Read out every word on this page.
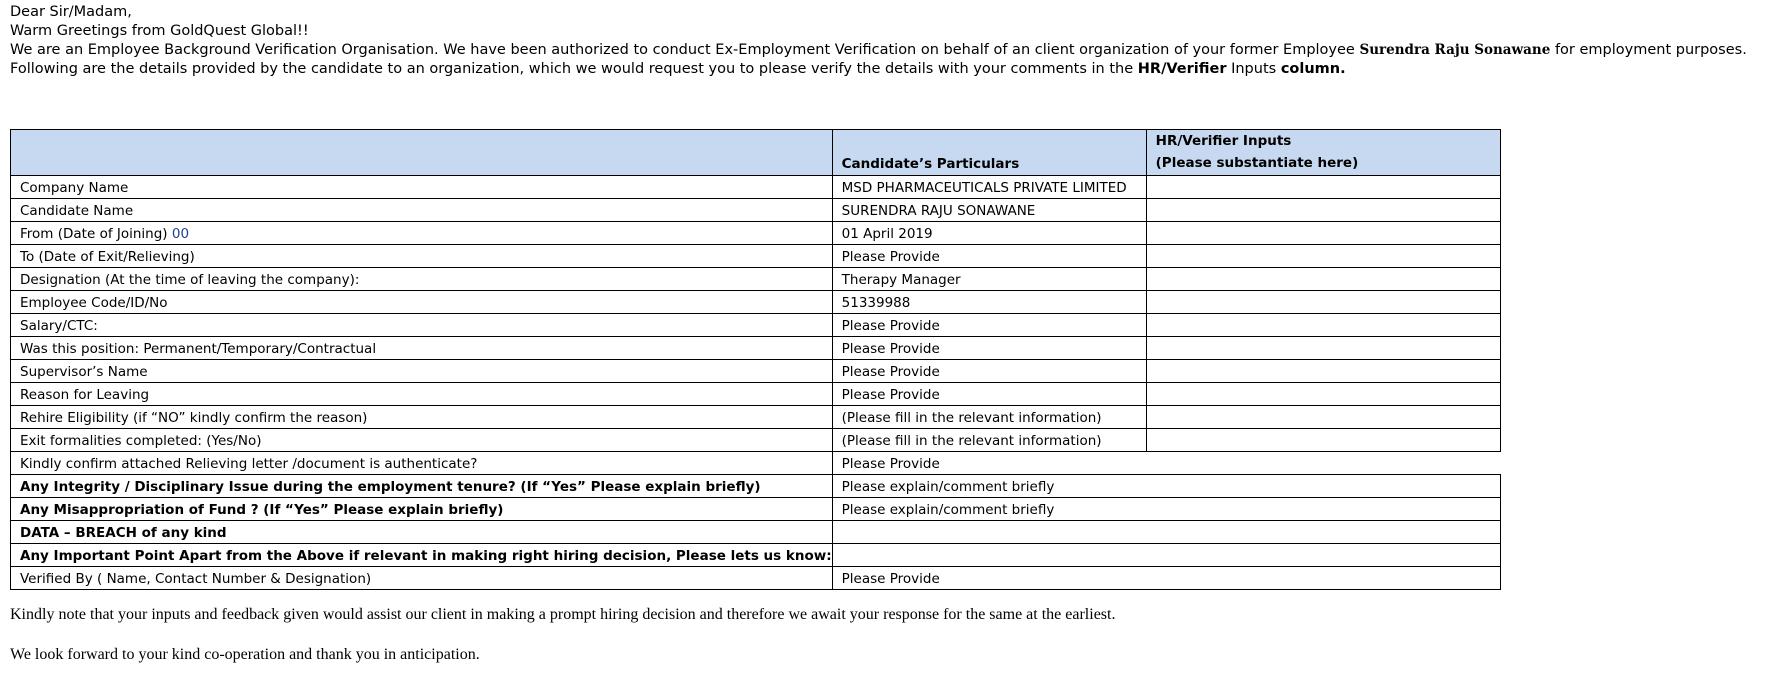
Dear Sir/Madam,
Warm Greetings from GoldQuest Global!!
We are an Employee Background Verification Organisation. We have been authorized to conduct Ex-Employment Verification on behalf of an client organization of your former Employee Surendra Raju Sonawane for employment purposes.
Following are the details provided by the candidate to an organization, which we would request you to please verify the details with your comments in the HR/Verifier Inputs column.
	Candidate’s Particulars	HR/Verifier Inputs
(Please substantiate here)

Company Name	MSD PHARMACEUTICALS PRIVATE LIMITED	
Candidate Name	SURENDRA RAJU SONAWANE	
From (Date of Joining) 00	01 April 2019	
To (Date of Exit/Relieving)	Please Provide	
Designation (At the time of leaving the company):	Therapy Manager	
Employee Code/ID/No	51339988	
Salary/CTC:	Please Provide	
Was this position: Permanent/Temporary/Contractual	Please Provide	
Supervisor’s Name	Please Provide	
Reason for Leaving	Please Provide	
Rehire Eligibility (if “NO” kindly confirm the reason)	(Please fill in the relevant information)	
Exit formalities completed: (Yes/No)	(Please fill in the relevant information)	
Kindly confirm attached Relieving letter /document is authenticate?	Please Provide	
Any Integrity / Disciplinary Issue during the employment tenure? (If “Yes” Please explain briefly)	Please explain/comment briefly	
Any Misappropriation of Fund ? (If “Yes” Please explain briefly)	Please explain/comment briefly	
DATA – BREACH of any kind		
Any Important Point Apart from the Above if relevant in making right hiring decision, Please lets us know:		
Verified By ( Name, Contact Number & Designation)	Please Provide	
Kindly note that your inputs and feedback given would assist our client in making a prompt hiring decision and therefore we await your response for the same at the earliest.
We look forward to your kind co-operation and thank you in anticipation.
